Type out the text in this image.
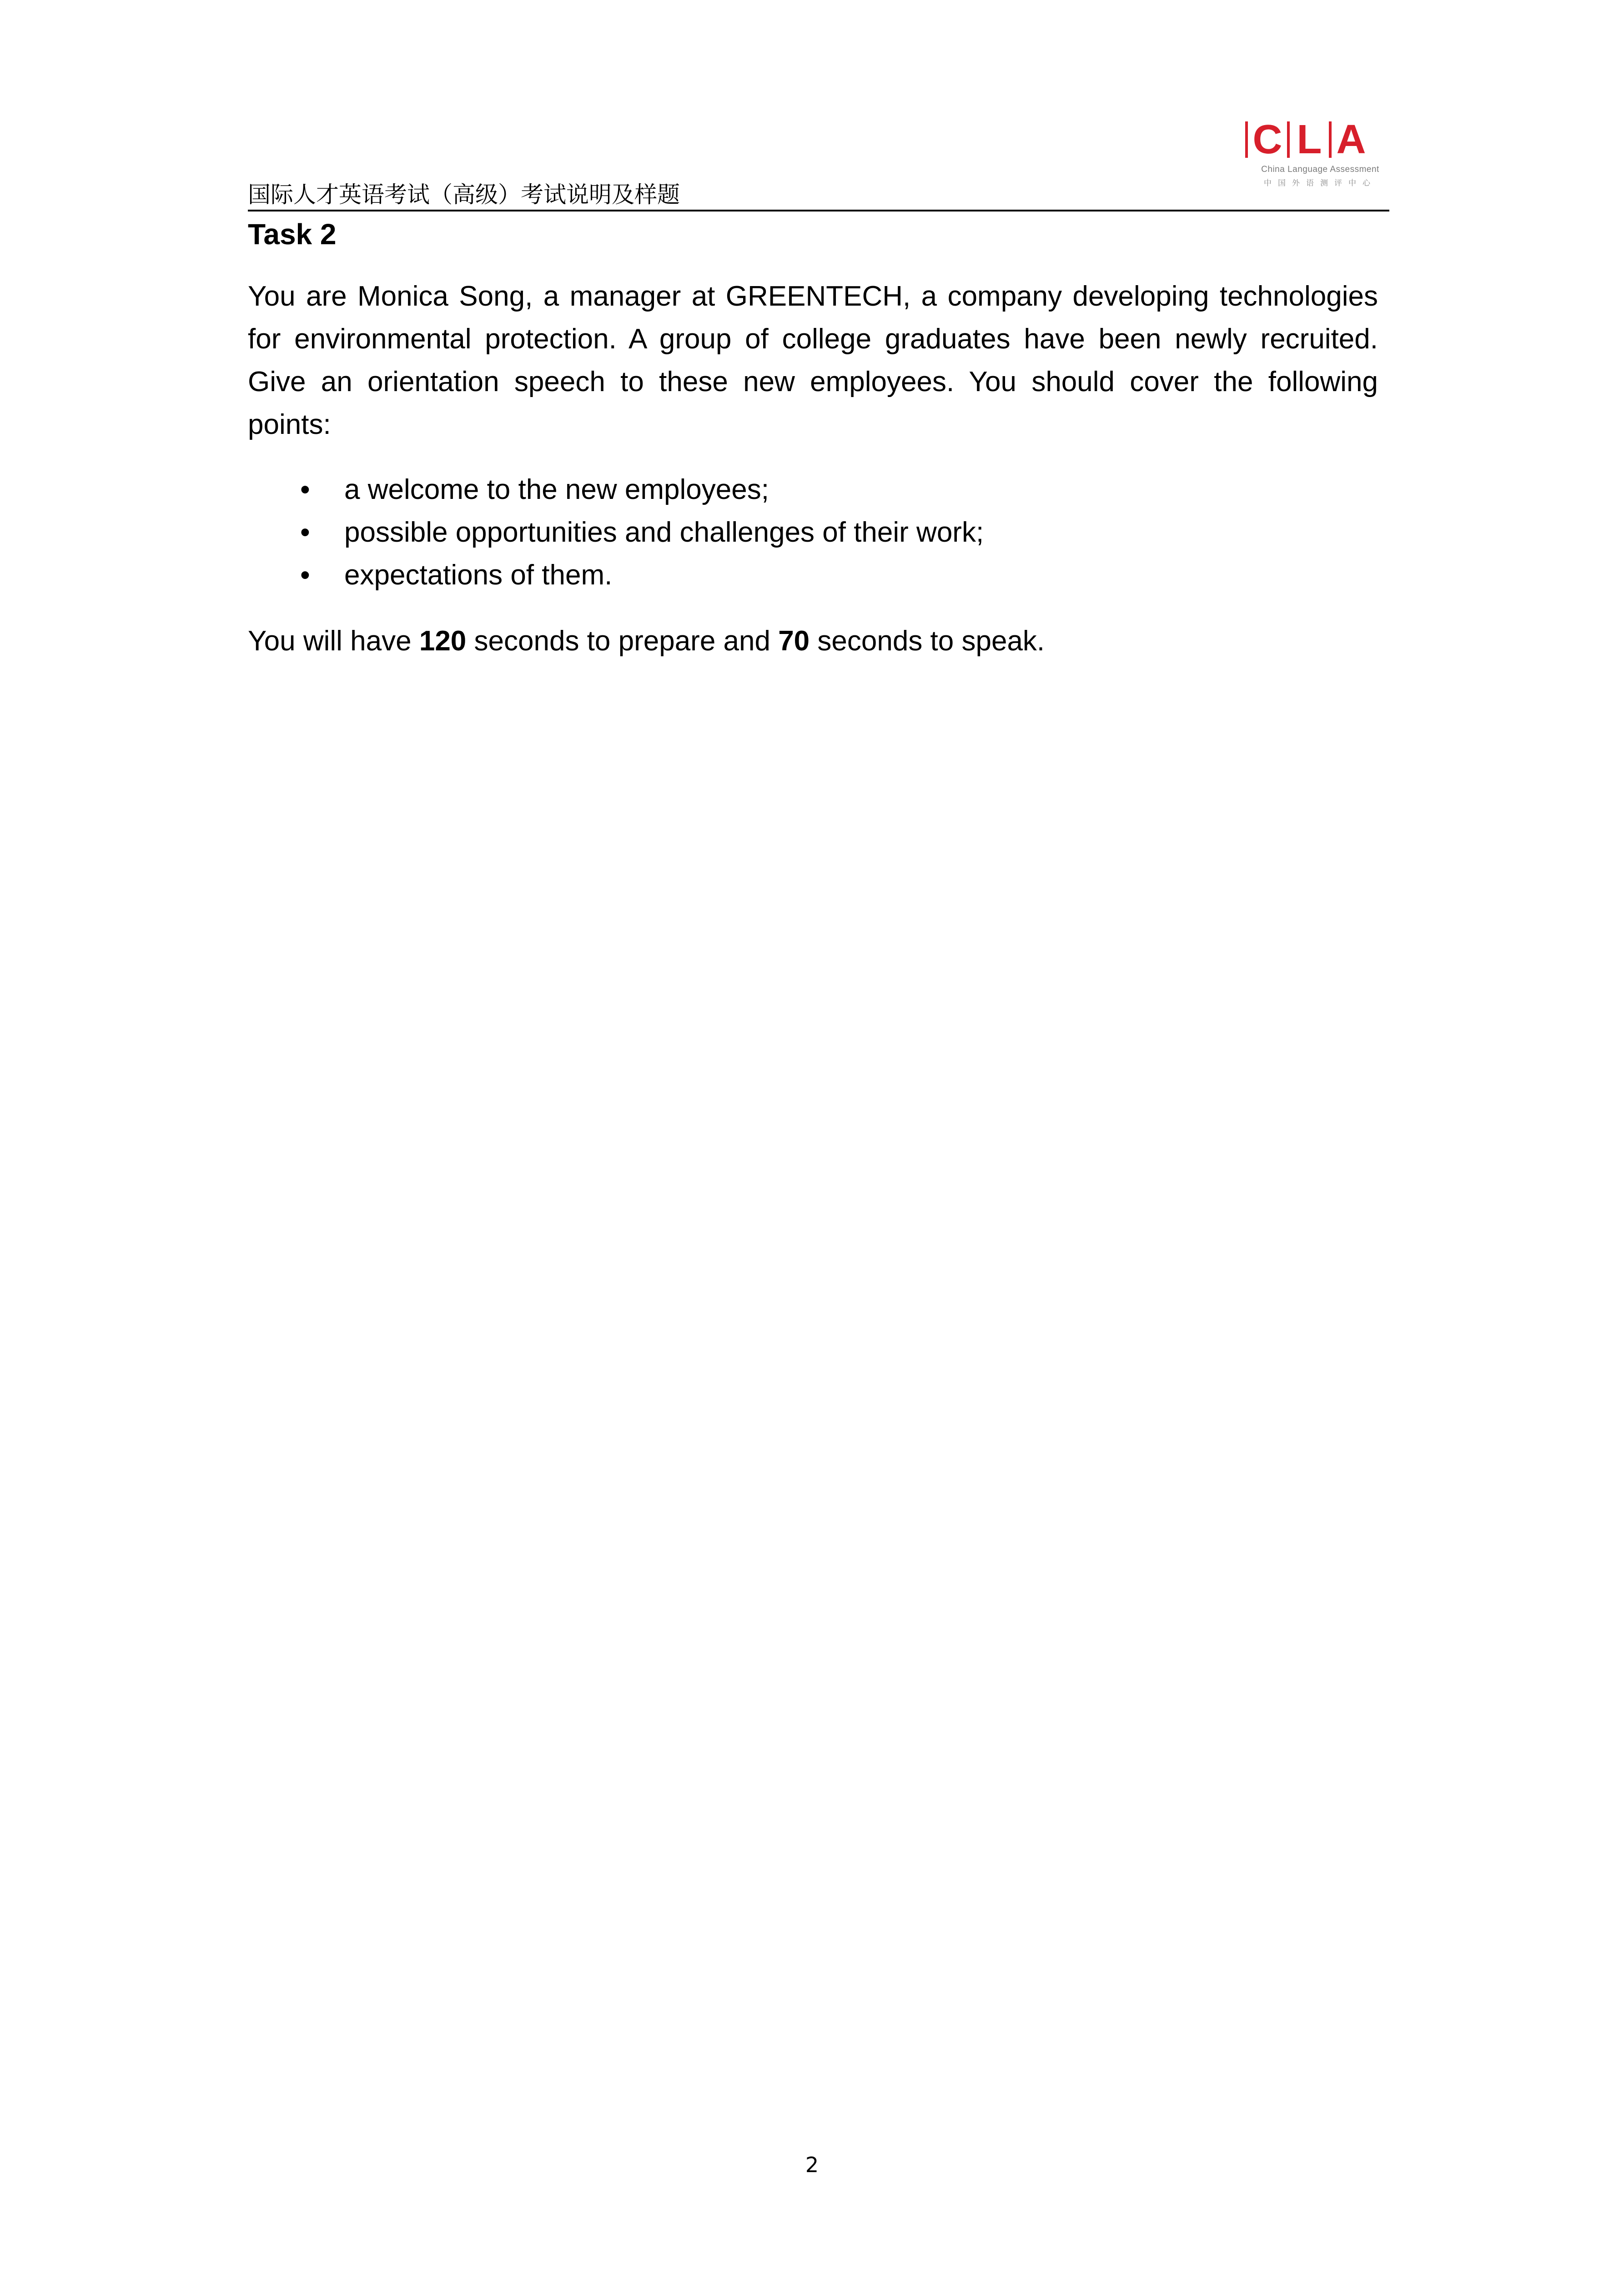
国际人才英语考试（高级）考试说明及样题
C L A
China Language Assessment
中国外语测评中心
Task 2

You are Monica Song, a manager at GREENTECH, a company developing technologies for environmental protection. A group of college graduates have been newly recruited. Give an orientation speech to these new employees. You should cover the following points:

• a welcome to the new employees;
• possible opportunities and challenges of their work;
• expectations of them.

You will have 120 seconds to prepare and 70 seconds to speak.

2
